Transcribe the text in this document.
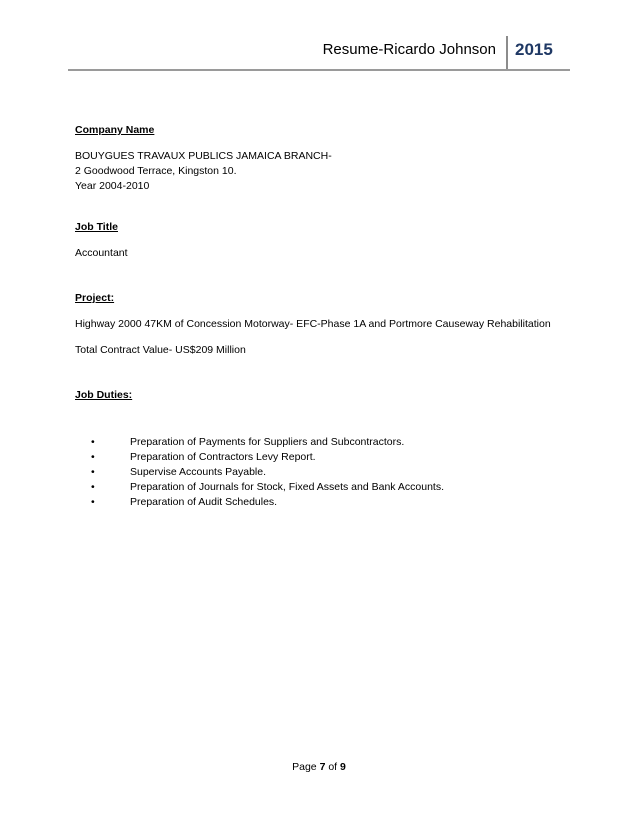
Resume-Ricardo Johnson 2015
Company Name
BOUYGUES TRAVAUX PUBLICS JAMAICA BRANCH-
2 Goodwood Terrace, Kingston 10.
Year 2004-2010
Job Title
Accountant
Project:
Highway 2000 47KM of Concession Motorway- EFC-Phase 1A and Portmore Causeway Rehabilitation
Total Contract Value- US$209 Million
Job Duties:
•	Preparation of Payments for Suppliers and Subcontractors.
•	Preparation of Contractors Levy Report.
•	Supervise Accounts Payable.
•	Preparation of Journals for Stock, Fixed Assets and Bank Accounts.
•	Preparation of Audit Schedules.
Page 7 of 9
